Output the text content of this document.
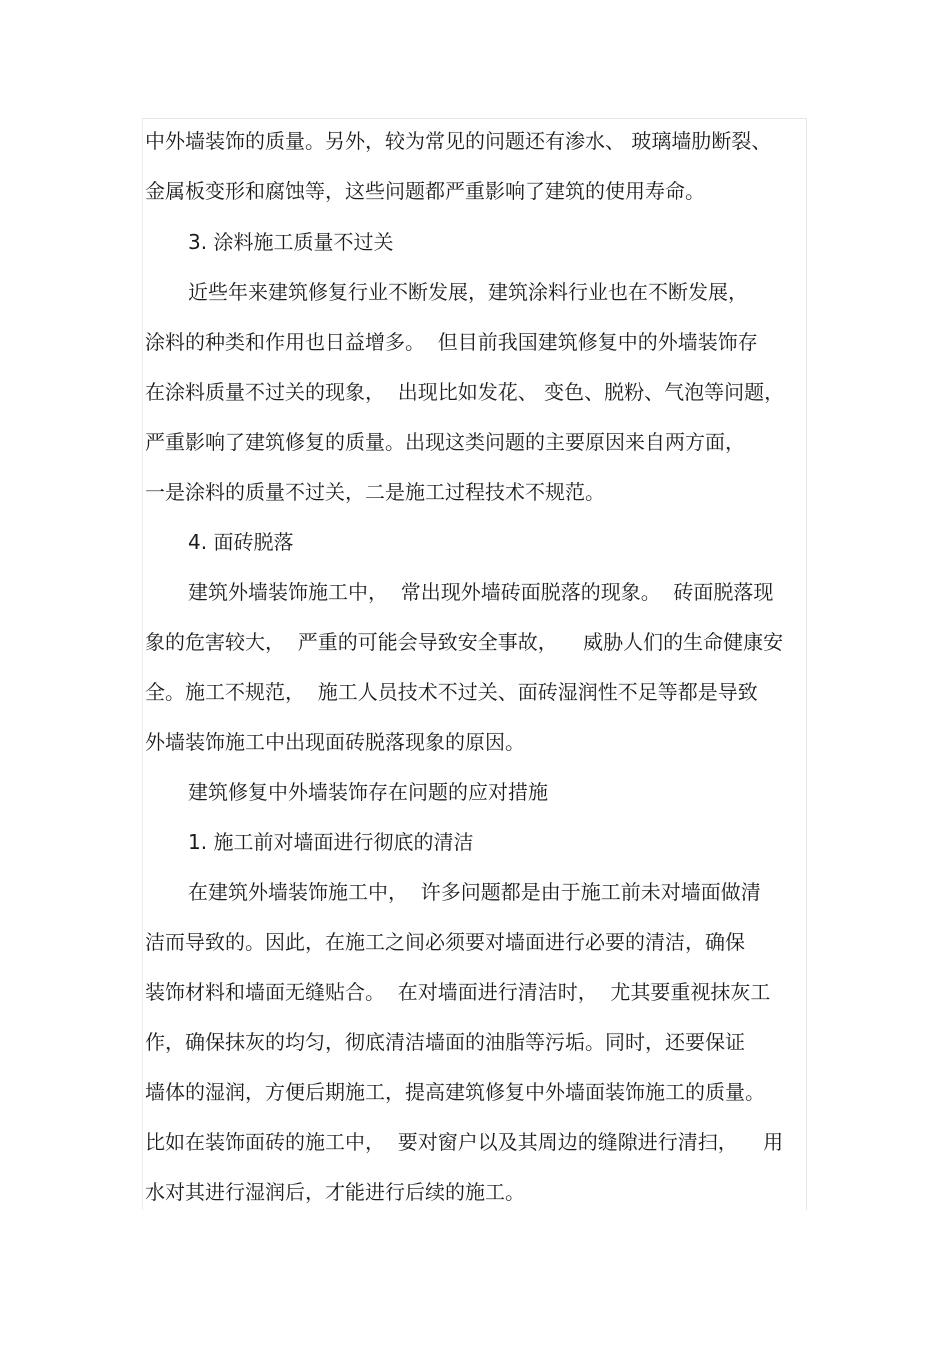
中外墙装饰的质量。另外，较为常见的问题还有渗水、 玻璃墙肋断裂、
金属板变形和腐蚀等，这些问题都严重影响了建筑的使用寿命。
3. 涂料施工质量不过关
近些年来建筑修复行业不断发展，建筑涂料行业也在不断发展，
涂料的种类和作用也日益增多。  但目前我国建筑修复中的外墙装饰存
在涂料质量不过关的现象，  出现比如发花、 变色、脱粉、气泡等问题，
严重影响了建筑修复的质量。出现这类问题的主要原因来自两方面，
一是涂料的质量不过关，二是施工过程技术不规范。
4. 面砖脱落
建筑外墙装饰施工中，  常出现外墙砖面脱落的现象。  砖面脱落现
象的危害较大，  严重的可能会导致安全事故，    威胁人们的生命健康安
全。施工不规范，  施工人员技术不过关、面砖湿润性不足等都是导致
外墙装饰施工中出现面砖脱落现象的原因。
建筑修复中外墙装饰存在问题的应对措施
1. 施工前对墙面进行彻底的清洁
在建筑外墙装饰施工中，  许多问题都是由于施工前未对墙面做清
洁而导致的。因此，在施工之间必须要对墙面进行必要的清洁，确保
装饰材料和墙面无缝贴合。  在对墙面进行清洁时，  尤其要重视抹灰工
作，确保抹灰的均匀，彻底清洁墙面的油脂等污垢。同时，还要保证
墙体的湿润，方便后期施工，提高建筑修复中外墙面装饰施工的质量。
比如在装饰面砖的施工中，  要对窗户以及其周边的缝隙进行清扫，    用
水对其进行湿润后，才能进行后续的施工。
